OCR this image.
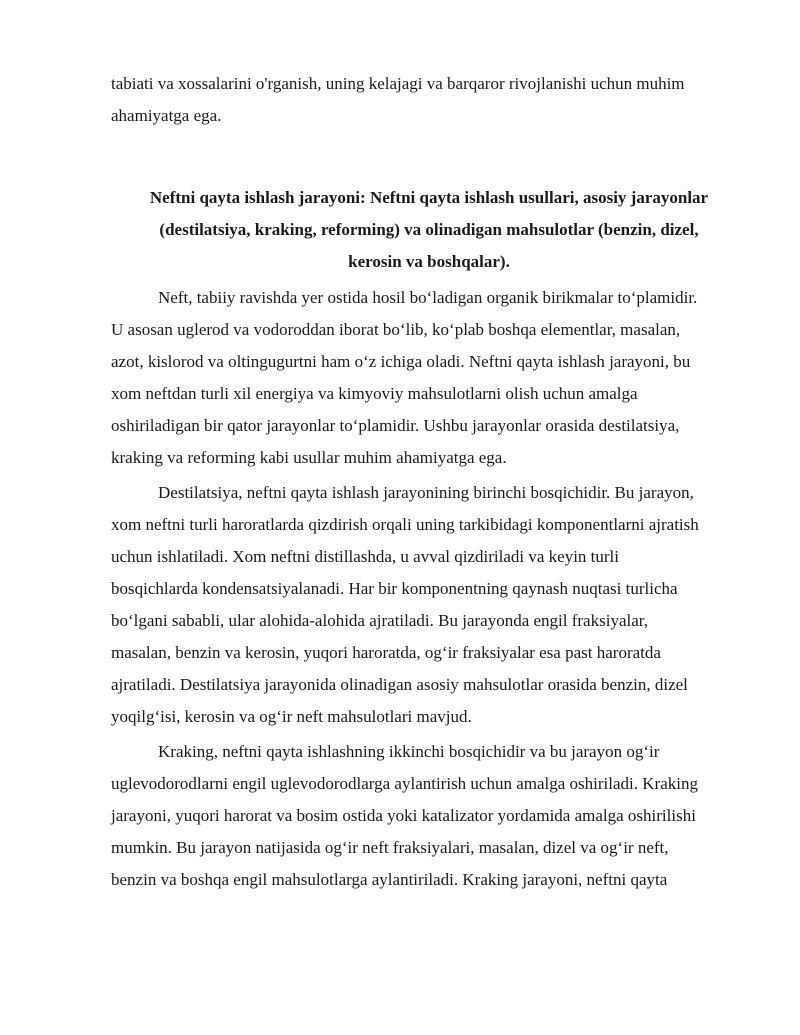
tabiati va xossalarini o'rganish, uning kelajagi va barqaror rivojlanishi uchun muhim
ahamiyatga ega.
Neftni qayta ishlash jarayoni: Neftni qayta ishlash usullari, asosiy jarayonlar
(destilatsiya, kraking, reforming) va olinadigan mahsulotlar (benzin, dizel,
kerosin va boshqalar).
Neft, tabiiy ravishda yer ostida hosil bo‘ladigan organik birikmalar to‘plamidir.
U asosan uglerod va vodoroddan iborat bo‘lib, ko‘plab boshqa elementlar, masalan,
azot, kislorod va oltingugurtni ham o‘z ichiga oladi. Neftni qayta ishlash jarayoni, bu
xom neftdan turli xil energiya va kimyoviy mahsulotlarni olish uchun amalga
oshiriladigan bir qator jarayonlar to‘plamidir. Ushbu jarayonlar orasida destilatsiya,
kraking va reforming kabi usullar muhim ahamiyatga ega.
Destilatsiya, neftni qayta ishlash jarayonining birinchi bosqichidir. Bu jarayon,
xom neftni turli haroratlarda qizdirish orqali uning tarkibidagi komponentlarni ajratish
uchun ishlatiladi. Xom neftni distillashda, u avval qizdiriladi va keyin turli
bosqichlarda kondensatsiyalanadi. Har bir komponentning qaynash nuqtasi turlicha
bo‘lgani sababli, ular alohida-alohida ajratiladi. Bu jarayonda engil fraksiyalar,
masalan, benzin va kerosin, yuqori haroratda, og‘ir fraksiyalar esa past haroratda
ajratiladi. Destilatsiya jarayonida olinadigan asosiy mahsulotlar orasida benzin, dizel
yoqilg‘isi, kerosin va og‘ir neft mahsulotlari mavjud.
Kraking, neftni qayta ishlashning ikkinchi bosqichidir va bu jarayon og‘ir
uglevodorodlarni engil uglevodorodlarga aylantirish uchun amalga oshiriladi. Kraking
jarayoni, yuqori harorat va bosim ostida yoki katalizator yordamida amalga oshirilishi
mumkin. Bu jarayon natijasida og‘ir neft fraksiyalari, masalan, dizel va og‘ir neft,
benzin va boshqa engil mahsulotlarga aylantiriladi. Kraking jarayoni, neftni qayta
